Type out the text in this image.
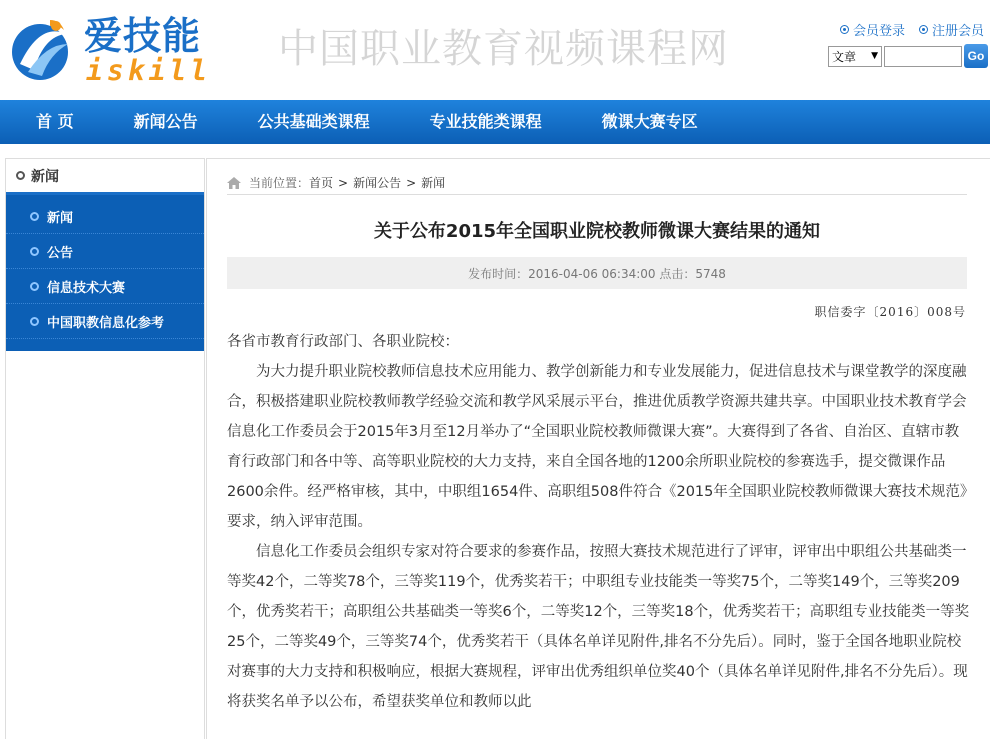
爱技能
iskill 中国职业教育视频课程网	会员登录 注册会员
文章 ▼	Go
首 页	新闻公告	公共基础类课程	专业技能类课程	微课大赛专区
新闻
新闻
公告
信息技术大赛
中国职教信息化参考
当前位置： 首页 > 新闻公告 > 新闻
关于公布2015年全国职业院校教师微课大赛结果的通知
发布时间：2016-04-06 06:34:00 点击：5748
职信委字〔2016〕008号

各省市教育行政部门、各职业院校：

为大力提升职业院校教师信息技术应用能力、教学创新能力和专业发展能力，促进信息技术与课堂教学的深度融合，积极搭建职业院校教师教学经验交流和教学风采展示平台，推进优质教学资源共建共享。中国职业技术教育学会信息化工作委员会于2015年3月至12月举办了“全国职业院校教师微课大赛”。大赛得到了各省、自治区、直辖市教育行政部门和各中等、高等职业院校的大力支持，来自全国各地的1200余所职业院校的参赛选手，提交微课作品2600余件。经严格审核，其中，中职组1654件、高职组508件符合《2015年全国职业院校教师微课大赛技术规范》要求，纳入评审范围。

信息化工作委员会组织专家对符合要求的参赛作品，按照大赛技术规范进行了评审，评审出中职组公共基础类一等奖42个，二等奖78个，三等奖119个，优秀奖若干；中职组专业技能类一等奖75个，二等奖149个，三等奖209个，优秀奖若干；高职组公共基础类一等奖6个，二等奖12个，三等奖18个，优秀奖若干；高职组专业技能类一等奖25个，二等奖49个，三等奖74个，优秀奖若干（具体名单详见附件,排名不分先后）。同时，鉴于全国各地职业院校对赛事的大力支持和积极响应，根据大赛规程，评审出优秀组织单位奖40个（具体名单详见附件,排名不分先后）。现将获奖名单予以公布，希望获奖单位和教师以此
